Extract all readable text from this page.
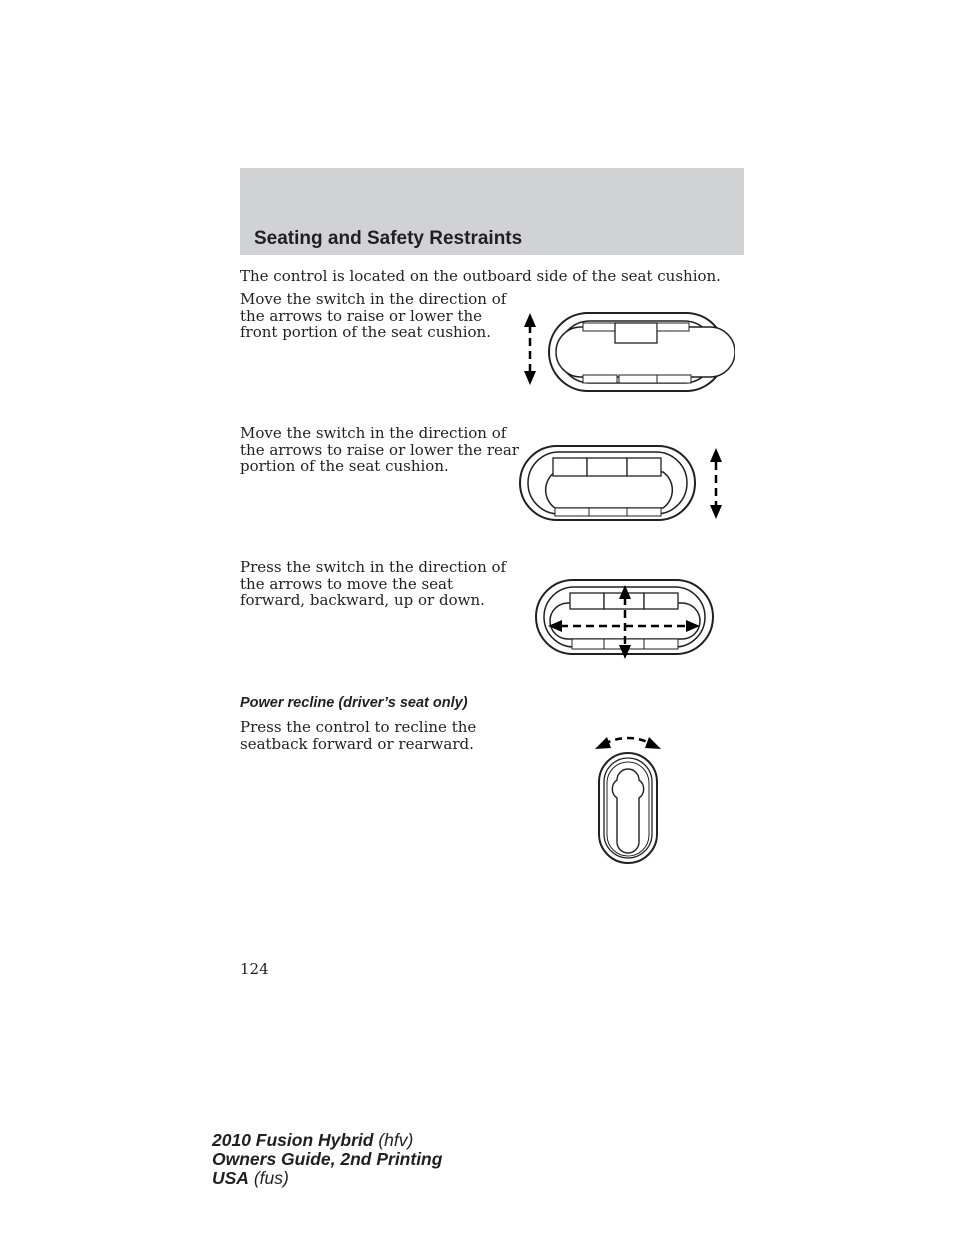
Seating and Safety Restraints

The control is located on the outboard side of the seat cushion.

Move the switch in the direction of
the arrows to raise or lower the
front portion of the seat cushion.

Move the switch in the direction of
the arrows to raise or lower the rear
portion of the seat cushion.

Press the switch in the direction of
the arrows to move the seat
forward, backward, up or down.

Power recline (driver’s seat only)

Press the control to recline the
seatback forward or rearward.

124

2010 Fusion Hybrid (hfv)
Owners Guide, 2nd Printing
USA (fus)
